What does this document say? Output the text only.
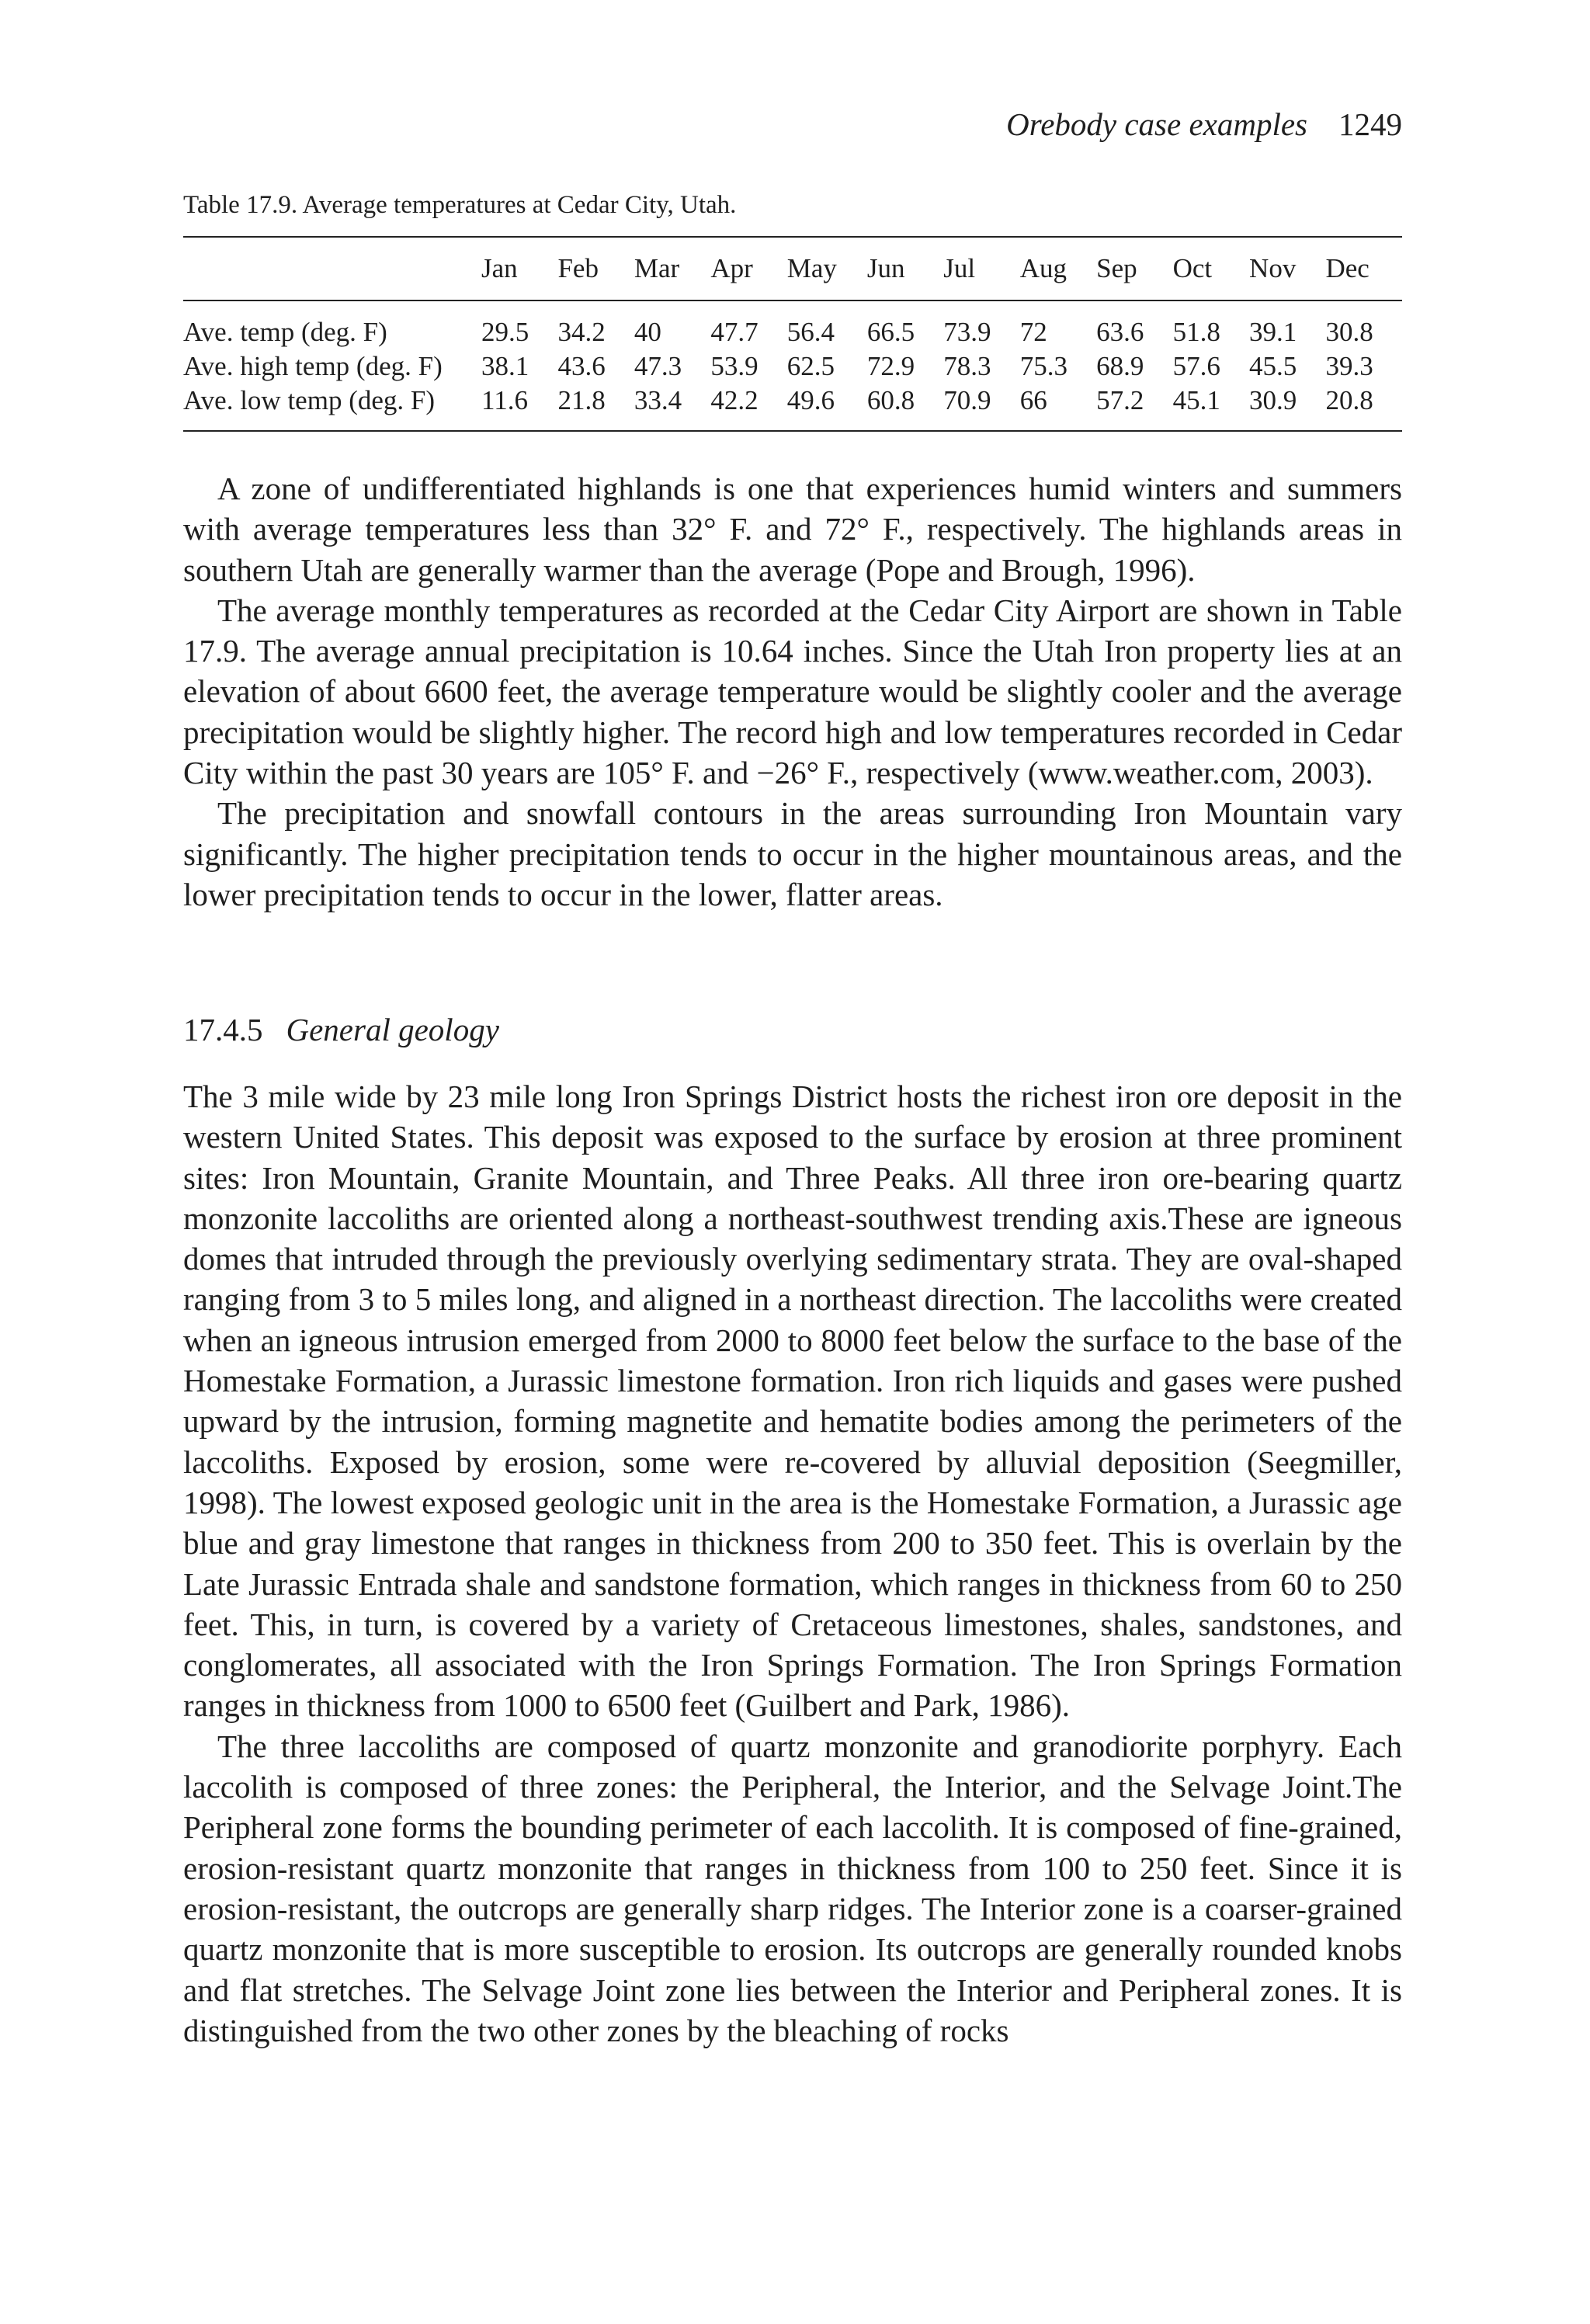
Orebody case examples 1249
Table 17.9. Average temperatures at Cedar City, Utah.
	Jan	Feb	Mar	Apr	May	Jun	Jul	Aug	Sep	Oct	Nov	Dec
Ave. temp (deg. F)	29.5	34.2	40	47.7	56.4	66.5	73.9	72	63.6	51.8	39.1	30.8
Ave. high temp (deg. F)	38.1	43.6	47.3	53.9	62.5	72.9	78.3	75.3	68.9	57.6	45.5	39.3
Ave. low temp (deg. F)	11.6	21.8	33.4	42.2	49.6	60.8	70.9	66	57.2	45.1	30.9	20.8

A zone of undifferentiated highlands is one that experiences humid winters and summers with average temperatures less than 32° F. and 72° F., respectively. The highlands areas in southern Utah are generally warmer than the average (Pope and Brough, 1996).

The average monthly temperatures as recorded at the Cedar City Airport are shown in Table 17.9. The average annual precipitation is 10.64 inches. Since the Utah Iron property lies at an elevation of about 6600 feet, the average temperature would be slightly cooler and the average precipitation would be slightly higher. The record high and low temperatures recorded in Cedar City within the past 30 years are 105° F. and −26° F., respectively (www.weather.com, 2003).

The precipitation and snowfall contours in the areas surrounding Iron Mountain vary significantly. The higher precipitation tends to occur in the higher mountainous areas, and the lower precipitation tends to occur in the lower, flatter areas.

17.4.5 General geology

The 3 mile wide by 23 mile long Iron Springs District hosts the richest iron ore deposit in the western United States. This deposit was exposed to the surface by erosion at three prominent sites: Iron Mountain, Granite Mountain, and Three Peaks. All three iron ore-bearing quartz monzonite laccoliths are oriented along a northeast-southwest trending axis.These are igneous domes that intruded through the previously overlying sedimentary strata. They are oval-shaped ranging from 3 to 5 miles long, and aligned in a northeast direction. The laccoliths were created when an igneous intrusion emerged from 2000 to 8000 feet below the surface to the base of the Homestake Formation, a Jurassic limestone formation. Iron rich liquids and gases were pushed upward by the intrusion, forming magnetite and hematite bodies among the perimeters of the laccoliths. Exposed by erosion, some were re-covered by alluvial deposition (Seegmiller, 1998). The lowest exposed geologic unit in the area is the Homestake Formation, a Jurassic age blue and gray limestone that ranges in thickness from 200 to 350 feet. This is overlain by the Late Jurassic Entrada shale and sandstone formation, which ranges in thickness from 60 to 250 feet. This, in turn, is covered by a variety of Cretaceous limestones, shales, sandstones, and conglomerates, all associated with the Iron Springs Formation. The Iron Springs Formation ranges in thickness from 1000 to 6500 feet (Guilbert and Park, 1986).

The three laccoliths are composed of quartz monzonite and granodiorite porphyry. Each laccolith is composed of three zones: the Peripheral, the Interior, and the Selvage Joint.The Peripheral zone forms the bounding perimeter of each laccolith. It is composed of fine-grained, erosion-resistant quartz monzonite that ranges in thickness from 100 to 250 feet. Since it is erosion-resistant, the outcrops are generally sharp ridges. The Interior zone is a coarser-grained quartz monzonite that is more susceptible to erosion. Its outcrops are generally rounded knobs and flat stretches. The Selvage Joint zone lies between the Interior and Peripheral zones. It is distinguished from the two other zones by the bleaching of rocks
